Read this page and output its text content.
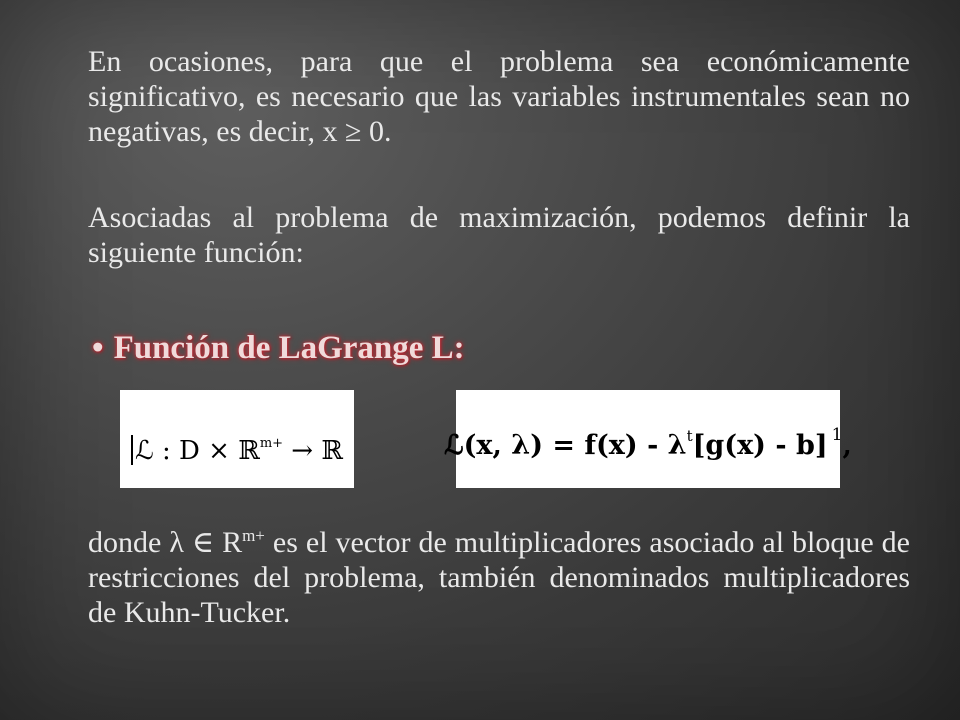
En ocasiones, para que el problema sea económicamente significativo, es necesario que las variables instrumentales sean no negativas, es decir, x ≥ 0.

Asociadas al problema de maximización, podemos definir la siguiente función:

• Función de LaGrange L:
ℒ : D × ℝ$^{m+}$ → ℝ	ℒ(x, $\lambda) = f(x) - \lambda^t[g(x) - b]$ $^1$,

donde λ ∈ $R^{m+}$ es el vector de multiplicadores asociado al bloque de restricciones del problema, también denominados multiplicadores de Kuhn-Tucker.
